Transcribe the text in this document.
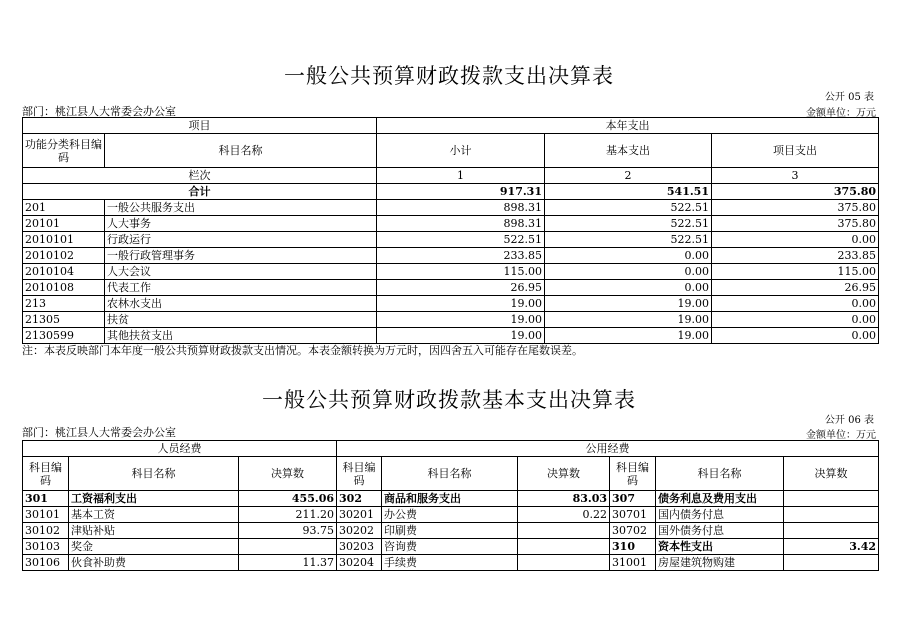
一般公共预算财政拨款支出决算表
公开 05 表
部门：桃江县人大常委会办公室	金额单位：万元
项目		本年支出		
功能分类科目编码	科目名称	小计	基本支出	项目支出
栏次		1	2	3
合计		917.31	541.51	375.80
201	一般公共服务支出	898.31	522.51	375.80
20101	人大事务	898.31	522.51	375.80
2010101	行政运行	522.51	522.51	0.00
2010102	一般行政管理事务	233.85	0.00	233.85
2010104	人大会议	115.00	0.00	115.00
2010108	代表工作	26.95	0.00	26.95
213	农林水支出	19.00	19.00	0.00
21305	扶贫	19.00	19.00	0.00
2130599	其他扶贫支出	19.00	19.00	0.00
注：本表反映部门本年度一般公共预算财政拨款支出情况。本表金额转换为万元时，因四舍五入可能存在尾数误差。
一般公共预算财政拨款基本支出决算表
公开 06 表
部门：桃江县人大常委会办公室	金额单位：万元
人员经费			公用经费					
科目编码	科目名称	决算数	科目编码	科目名称	决算数	科目编码	科目名称	决算数
301	工资福利支出	455.06	302	商品和服务支出	83.03	307	债务利息及费用支出	
30101	基本工资	211.20	30201	办公费	0.22	30701	国内债务付息	
30102	津贴补贴	93.75	30202	印刷费		30702	国外债务付息	
30103	奖金		30203	咨询费		310	资本性支出	3.42
30106	伙食补助费	11.37	30204	手续费		31001	房屋建筑物购建	
